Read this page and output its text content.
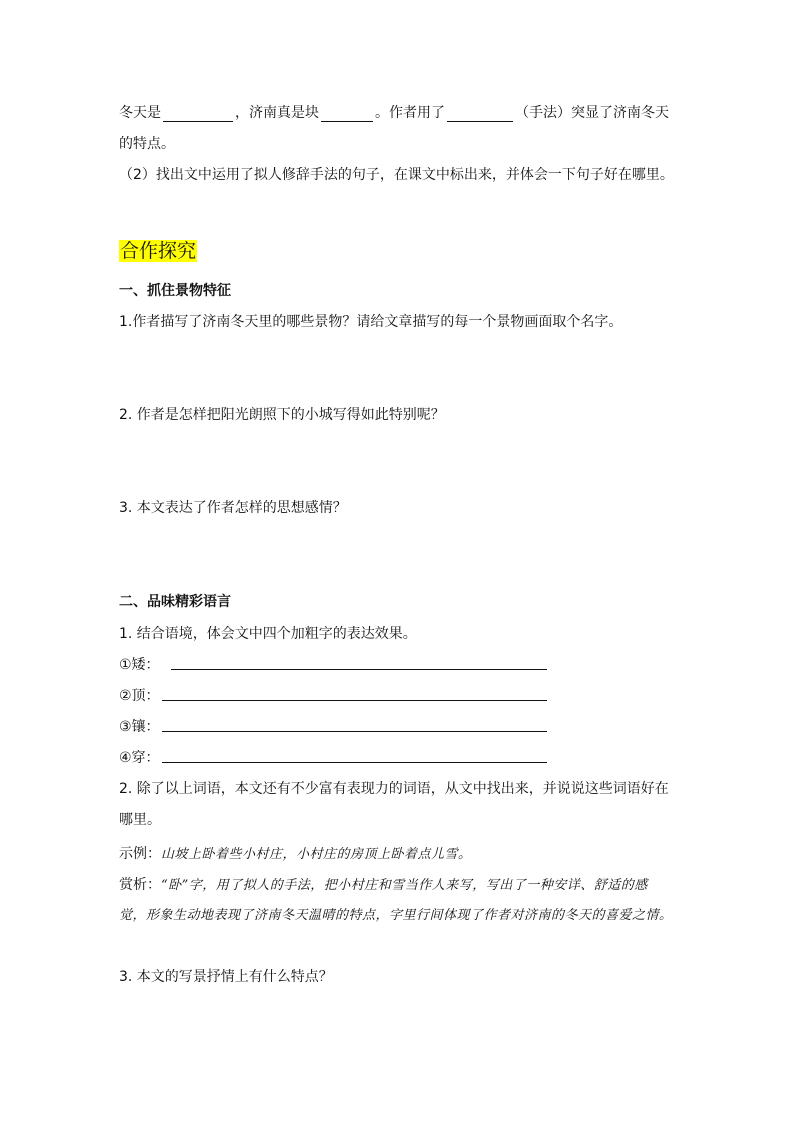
冬天是	，济南真是块	。作者用了	（手法）突显了济南冬天
的特点。
（2）找出文中运用了拟人修辞手法的句子，在课文中标出来，并体会一下句子好在哪里。
合作探究
一、抓住景物特征
1.作者描写了济南冬天里的哪些景物？请给文章描写的每一个景物画面取个名字。
2. 作者是怎样把阳光朗照下的小城写得如此特别呢？
3. 本文表达了作者怎样的思想感情？
二、品味精彩语言
1. 结合语境，体会文中四个加粗字的表达效果。
①矮：
②顶：
③镶：
④穿：
2. 除了以上词语，本文还有不少富有表现力的词语，从文中找出来，并说说这些词语好在
哪里。
示例：山坡上卧着些小村庄，小村庄的房顶上卧着点儿雪。
赏析：“卧”字，用了拟人的手法，把小村庄和雪当作人来写，写出了一种安详、舒适的感
觉，形象生动地表现了济南冬天温晴的特点，字里行间体现了作者对济南的冬天的喜爱之情。
3. 本文的写景抒情上有什么特点？
